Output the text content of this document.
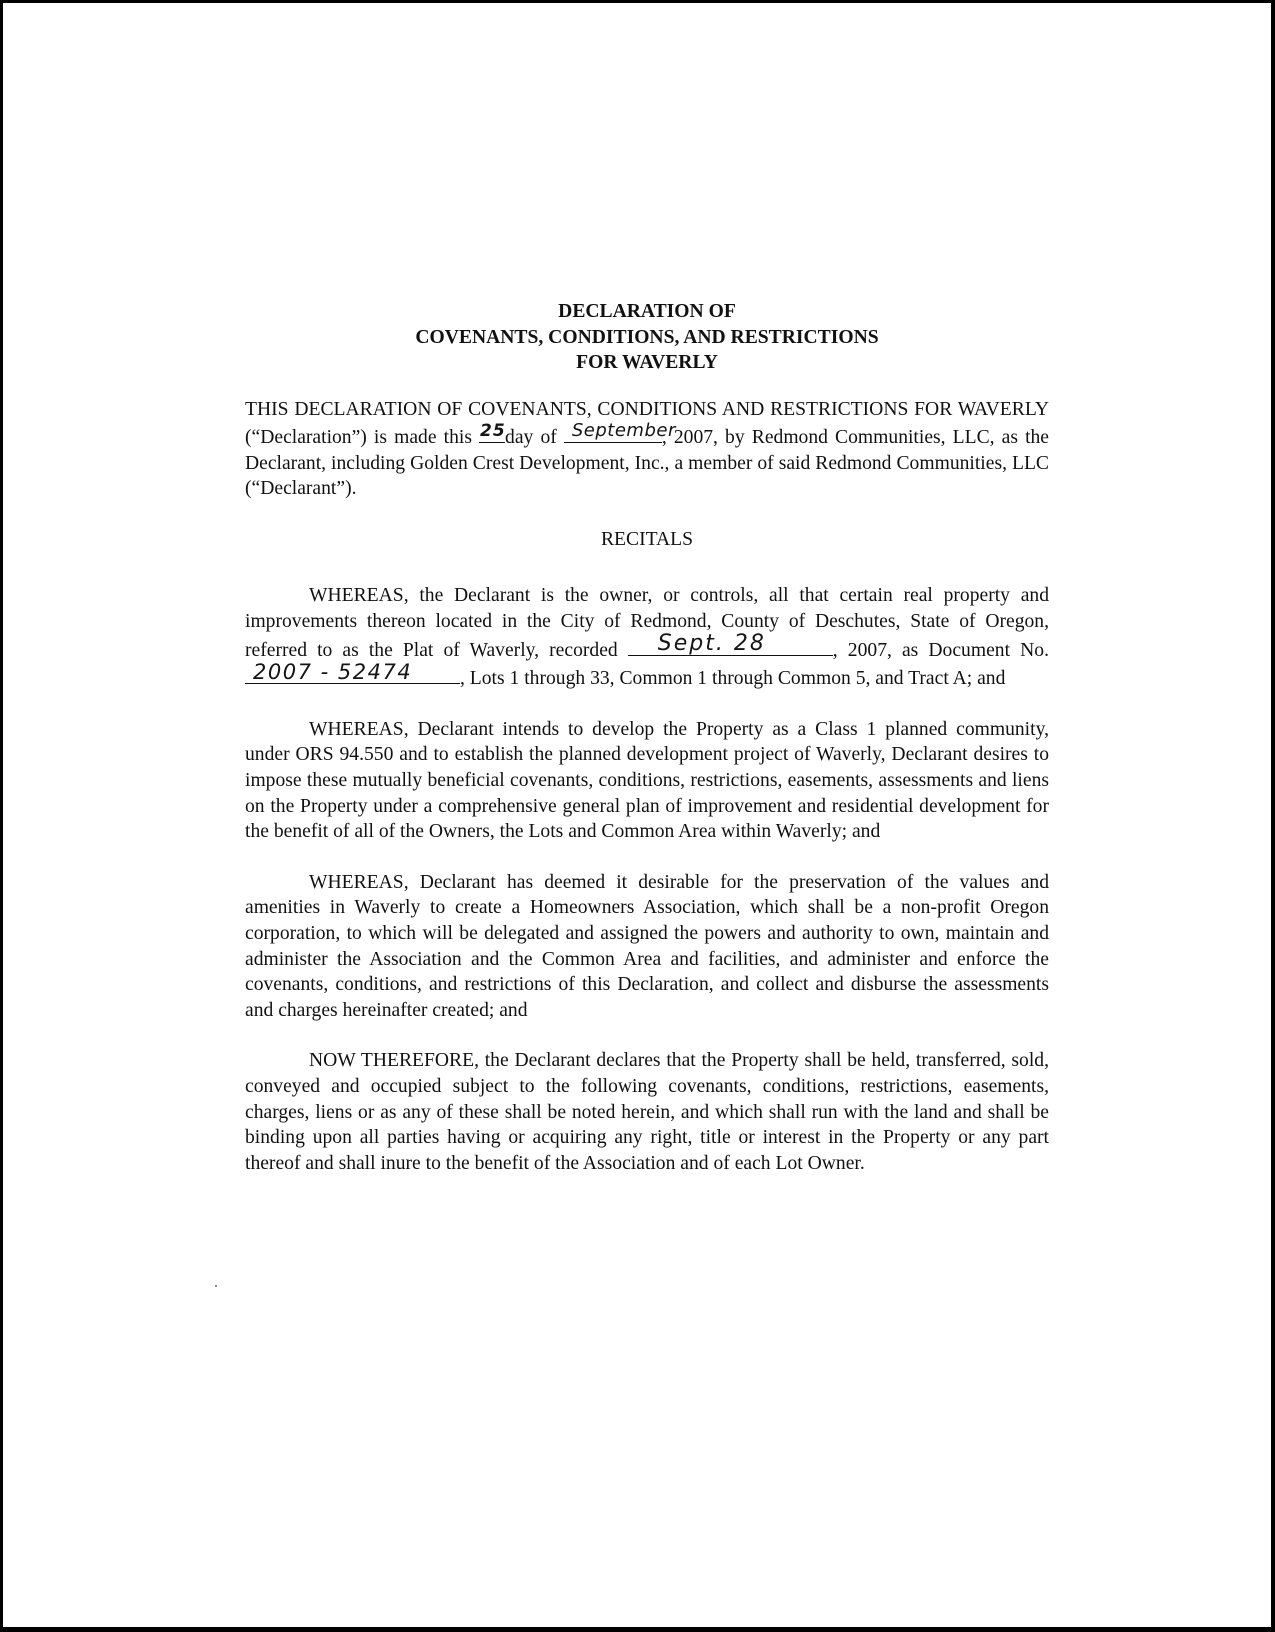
DECLARATION OF
COVENANTS, CONDITIONS, AND RESTRICTIONS
FOR WAVERLY

THIS DECLARATION OF COVENANTS, CONDITIONS AND RESTRICTIONS FOR WAVERLY (“Declaration”) is made this 25 day of September
, 2007, by Redmond Communities, LLC, as the Declarant, including Golden Crest Development, Inc., a member of said Redmond Communities, LLC (“Declarant”).

RECITALS

WHEREAS, the Declarant is the owner, or controls, all that certain real property and improvements thereon located in the City of Redmond, County of Deschutes, State of Oregon, referred to as the Plat of Waverly, recorded Sept. 28	, 2007, as Document No.
2007 - 52474	, Lots 1 through 33, Common 1 through Common 5, and Tract A; and

WHEREAS, Declarant intends to develop the Property as a Class 1 planned community, under ORS 94.550 and to establish the planned development project of Waverly, Declarant desires to impose these mutually beneficial covenants, conditions, restrictions, easements, assessments and liens on the Property under a comprehensive general plan of improvement and residential development for the benefit of all of the Owners, the Lots and Common Area within Waverly; and

WHEREAS, Declarant has deemed it desirable for the preservation of the values and amenities in Waverly to create a Homeowners Association, which shall be a non-profit Oregon corporation, to which will be delegated and assigned the powers and authority to own, maintain and administer the Association and the Common Area and facilities, and administer and enforce the covenants, conditions, and restrictions of this Declaration, and collect and disburse the assessments and charges hereinafter created; and

NOW THEREFORE, the Declarant declares that the Property shall be held, transferred, sold, conveyed and occupied subject to the following covenants, conditions, restrictions, easements, charges, liens or as any of these shall be noted herein, and which shall run with the land and shall be binding upon all parties having or acquiring any right, title or interest in the Property or any part thereof and shall inure to the benefit of the Association and of each Lot Owner.
